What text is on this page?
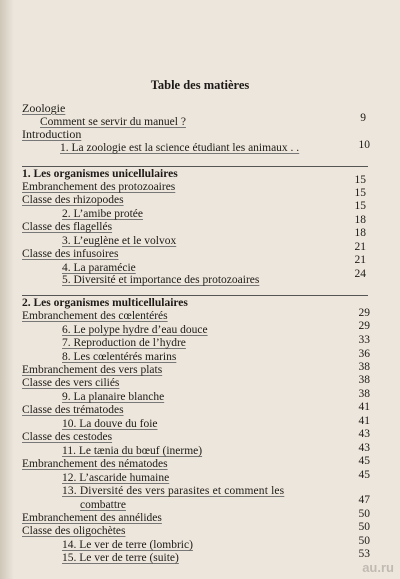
Table des matières
Zoologie
Comment se servir du manuel ?	9
Introduction
1. La zoologie est la science étudiant les animaux . .	10
1. Les organismes unicellulaires	15
Embranchement des protozoaires	15
Classe des rhizopodes	15
2. L’amibe protée	18
Classe des flagellés	18
3. L’euglène et le volvox	21
Classe des infusoires	21
4. La paramécie
5. Diversité et importance des protozoaires	24
2. Les organismes multicellulaires
Embranchement des cœlentérés	29
6. Le polype hydre d’eau douce	29
7. Reproduction de l’hydre	33
8. Les cœlentérés marins	36
Embranchement des vers plats	38
Classe des vers ciliés	38
9. La planaire blanche	38
Classe des trématodes	41
10. La douve du foie	41
Classe des cestodes	43
11. Le tænia du bœuf (inerme)	43
Embranchement des nématodes	45
12. L’ascaride humaine	45
13. Diversité des vers parasites et comment les
combattre	47
Embranchement des annélides	50
Classe des oligochètes	50
14. Le ver de terre (lombric)	50
15. Le ver de terre (suite)	53
au.ru
